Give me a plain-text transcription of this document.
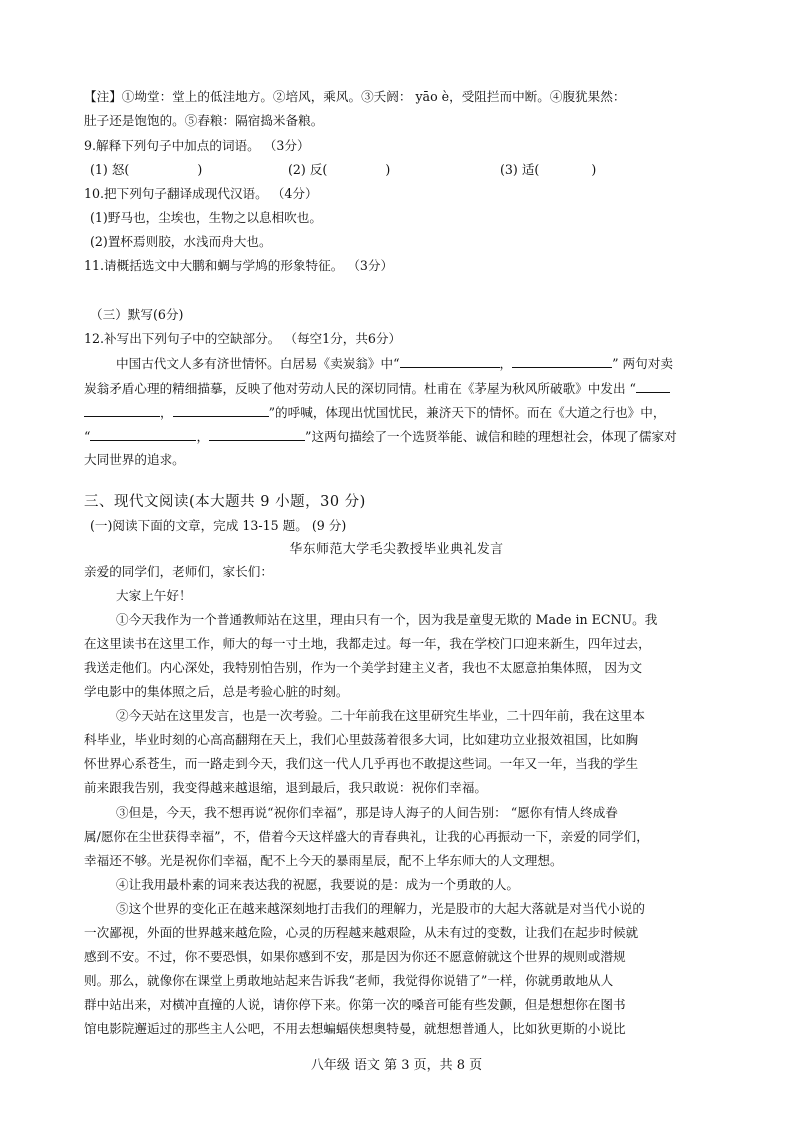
【注】①坳堂：堂上的低洼地方。②培风，乘风。③夭阏： yāo è，受阻拦而中断。④腹犹果然：
肚子还是饱饱的。⑤舂粮：隔宿捣米备粮。
9.解释下列句子中加点的词语。 （3分）
(1) 怒(	)	(2) 反(	)	(3) 适(	)
10.把下列句子翻译成现代汉语。 （4分）
(1)野马也，尘埃也，生物之以息相吹也。
(2)置杯焉则胶，水浅而舟大也。
11.请概括选文中大鹏和蜩与学鸠的形象特征。 （3分）
（三）默写(6分)
12.补写出下列句子中的空缺部分。 （每空1分，共6分）
中国古代文人多有济世情怀。白居易《卖炭翁》中“	，	” 两句对卖
炭翁矛盾心理的精细描摹，反映了他对劳动人民的深切同情。杜甫在《茅屋为秋风所破歌》中发出 “
，	”的呼喊，体现出忧国忧民，兼济天下的情怀。而在《大道之行也》中，
“	，	”这两句描绘了一个选贤举能、诚信和睦的理想社会，体现了儒家对
大同世界的追求。
三、现代文阅读(本大题共 9 小题，30 分)
(一)阅读下面的文章，完成 13-15 题。 (9 分)
华东师范大学毛尖教授毕业典礼发言
亲爱的同学们，老师们，家长们：
大家上午好！
①今天我作为一个普通教师站在这里，理由只有一个，因为我是童叟无欺的 Made in ECNU。我
在这里读书在这里工作，师大的每一寸土地，我都走过。每一年，我在学校门口迎来新生，四年过去，
我送走他们。内心深处，我特别怕告别，作为一个美学封建主义者，我也不太愿意拍集体照， 因为文
学电影中的集体照之后，总是考验心脏的时刻。
②今天站在这里发言，也是一次考验。二十年前我在这里研究生毕业，二十四年前，我在这里本
科毕业，毕业时刻的心高高翻翔在天上，我们心里鼓荡着很多大词，比如建功立业报效祖国，比如胸
怀世界心系苍生，而一路走到今天，我们这一代人几乎再也不敢提这些词。一年又一年，当我的学生
前来跟我告别，我变得越来越退缩，退到最后，我只敢说：祝你们幸福。
③但是，今天，我不想再说“祝你们幸福”，那是诗人海子的人间告别： “愿你有情人终成眷
属/愿你在尘世获得幸福”，不，借着今天这样盛大的青春典礼，让我的心再振动一下，亲爱的同学们，
幸福还不够。光是祝你们幸福，配不上今天的暴雨星辰，配不上华东师大的人文理想。
④让我用最朴素的词来表达我的祝愿，我要说的是：成为一个勇敢的人。
⑤这个世界的变化正在越来越深刻地打击我们的理解力，光是股市的大起大落就是对当代小说的
一次鄙视，外面的世界越来越危险，心灵的历程越来越艰险，从未有过的变数，让我们在起步时候就
感到不安。不过，你不要恐惧，如果你感到不安，那是因为你还不愿意俯就这个世界的规则或潜规
则。那么，就像你在课堂上勇敢地站起来告诉我“老师，我觉得你说错了”一样，你就勇敢地从人
群中站出来，对横冲直撞的人说，请你停下来。你第一次的嗓音可能有些发颤，但是想想你在图书
馆电影院邂逅过的那些主人公吧，不用去想蝙蝠侠想奥特曼，就想想普通人，比如狄更斯的小说比
八年级 语文 第 3 页，共 8 页
